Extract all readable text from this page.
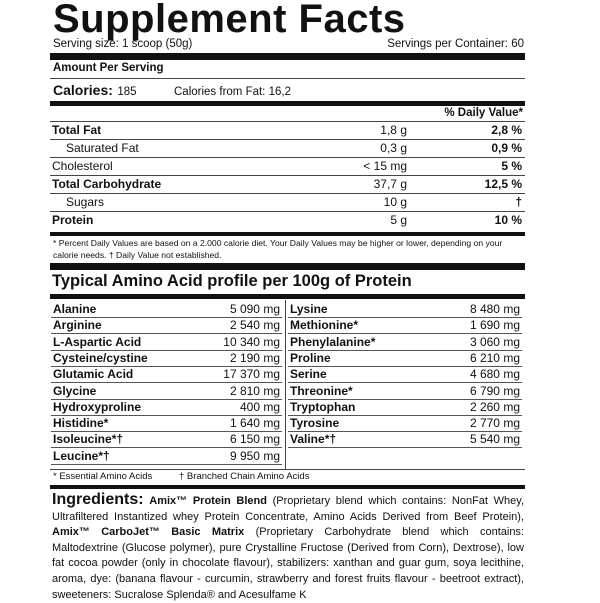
Supplement Facts
Serving size: 1 scoop (50g)	Servings per Container: 60
Amount Per Serving
Calories: 185	Calories from Fat: 16,2
% Daily Value*
Total Fat	1,8 g	2,8 %
Saturated Fat	0,3 g	0,9 %
Cholesterol	< 15 mg	5 %
Total Carbohydrate	37,7 g	12,5 %
Sugars	10 g	†
Protein	5 g	10 %
* Percent Daily Values are based on a 2.000 calorie diet. Your Daily Values may be higher or lower, depending on your
calorie needs. † Daily Value not established.
Typical Amino Acid profile per 100g of Protein
Alanine	5 090 mg
Arginine	2 540 mg
L-Aspartic Acid	10 340 mg
Cysteine/cystine	2 190 mg
Glutamic Acid	17 370 mg
Glycine	2 810 mg
Hydroxyproline	400 mg
Histidine*	1 640 mg
Isoleucine*†	6 150 mg
Leucine*†	9 950 mg
Lysine	8 480 mg
Methionine*	1 690 mg
Phenylalanine*	3 060 mg
Proline	6 210 mg
Serine	4 680 mg
Threonine*	6 790 mg
Tryptophan	2 260 mg
Tyrosine	2 770 mg
Valine*†	5 540 mg
* Essential Amino Acids	† Branched Chain Amino Acids
Ingredients: Amix™ Protein Blend (Proprietary blend which contains: NonFat Whey, Ultrafiltered Instantized whey Protein Concentrate, Amino Acids Derived from Beef Protein), Amix™ CarboJet™ Basic Matrix (Proprietary Carbohydrate blend which contains: Maltodextrine (Glucose polymer), pure Crystalline Fructose (Derived from Corn), Dextrose), low fat cocoa powder (only in chocolate flavour), stabilizers: xanthan and guar gum, soya lecithine, aroma, dye: (banana flavour - curcumin, strawberry and forest fruits flavour - beetroot extract), sweeteners: Sucralose Splenda® and Acesulfame K
